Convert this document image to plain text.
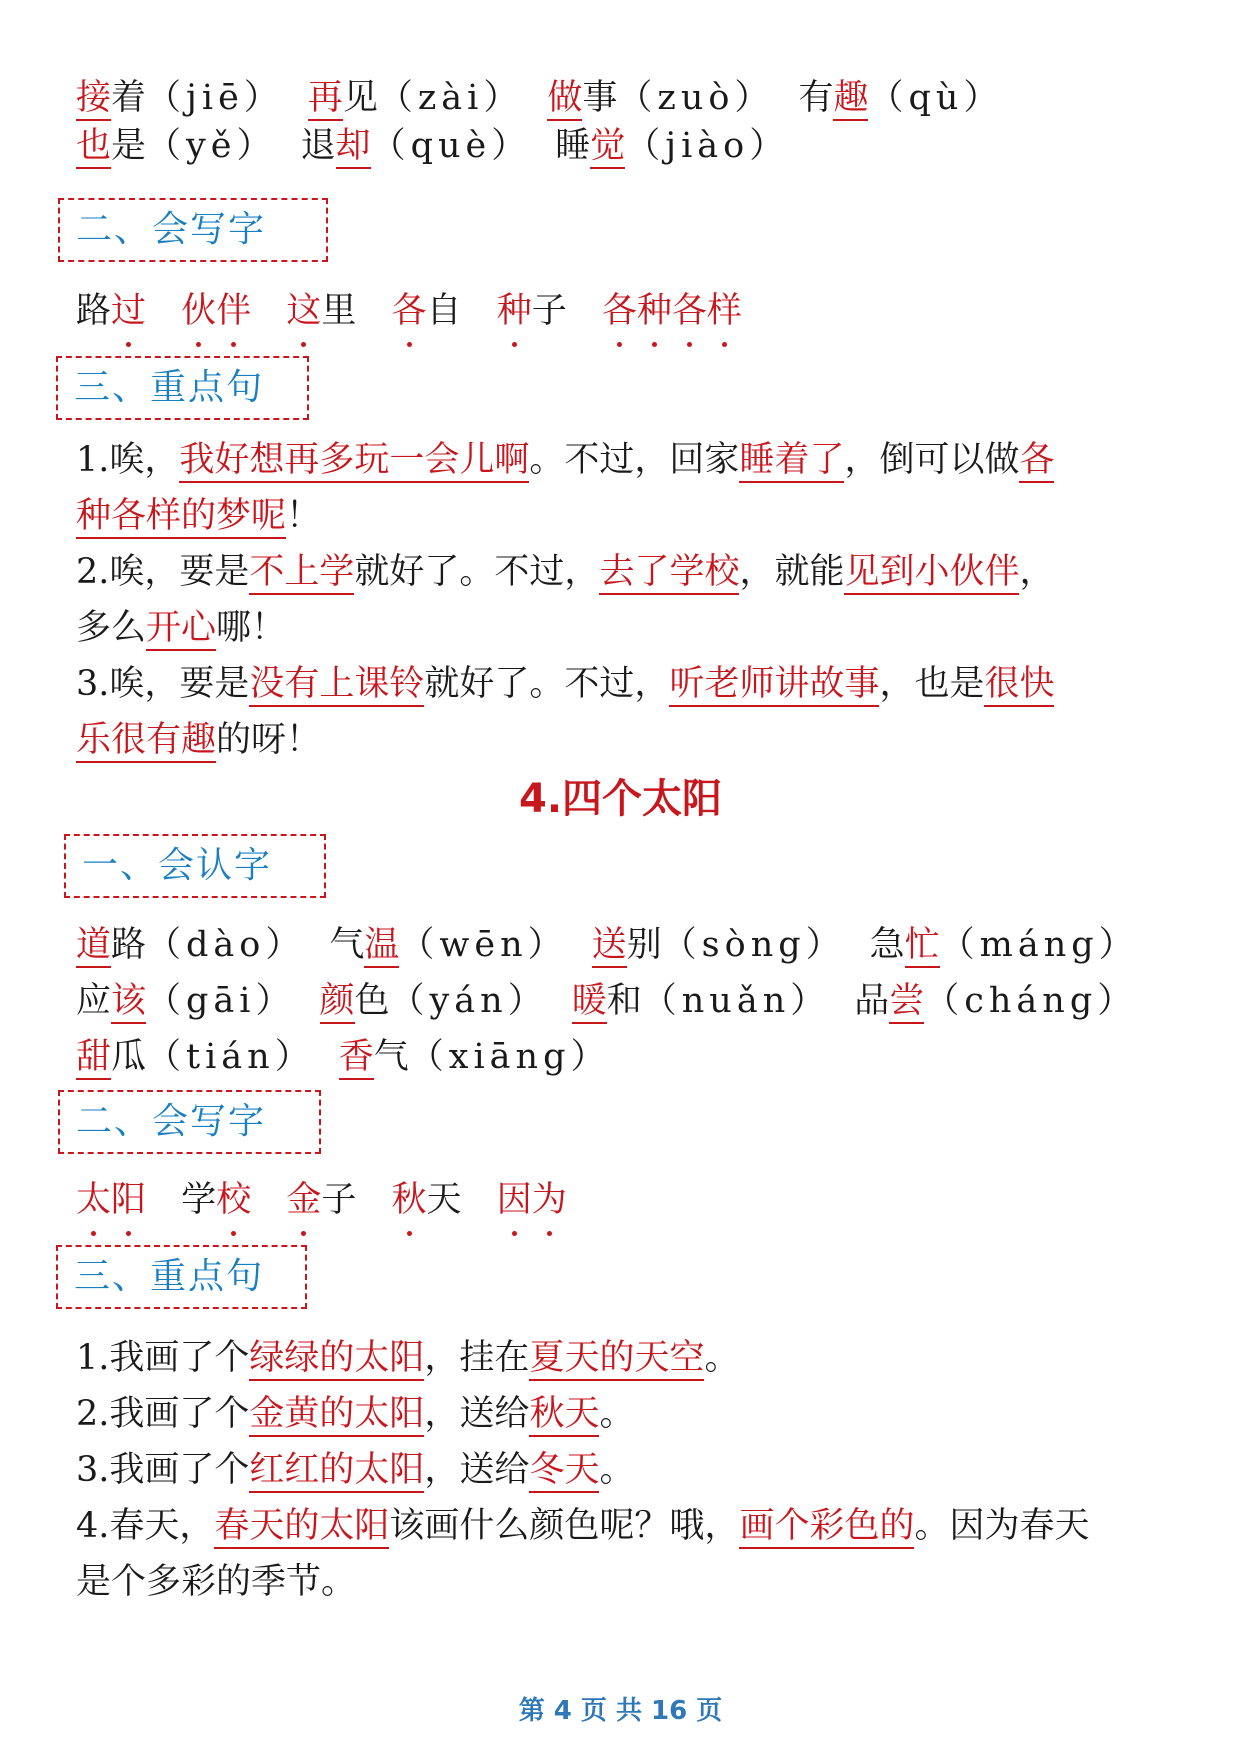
接着（jiē） 再见（zài） 做事（zuò） 有趣（qù）
也是（yě） 退却（què） 睡觉（jiào）
二、会写字
路过 伙伴 这里 各自 种子 各种各样
三、重点句
1.唉，我好想再多玩一会儿啊。不过，回家睡着了，倒可以做各
种各样的梦呢！
2.唉，要是不上学就好了。不过，去了学校，就能见到小伙伴，
多么开心哪！
3.唉，要是没有上课铃就好了。不过，听老师讲故事，也是很快
乐很有趣的呀！
4.四个太阳
一、会认字
道路（dào） 气温（wēn） 送别（sòng） 急忙（máng）
应该（gāi） 颜色（yán） 暖和（nuǎn） 品尝（cháng）
甜瓜（tián） 香气（xiāng）
二、会写字
太阳 学校 金子 秋天 因为
三、重点句
1.我画了个绿绿的太阳，挂在夏天的天空。
2.我画了个金黄的太阳，送给秋天。
3.我画了个红红的太阳，送给冬天。
4.春天，春天的太阳该画什么颜色呢？哦，画个彩色的。因为春天
是个多彩的季节。
第 4 页 共 16 页
